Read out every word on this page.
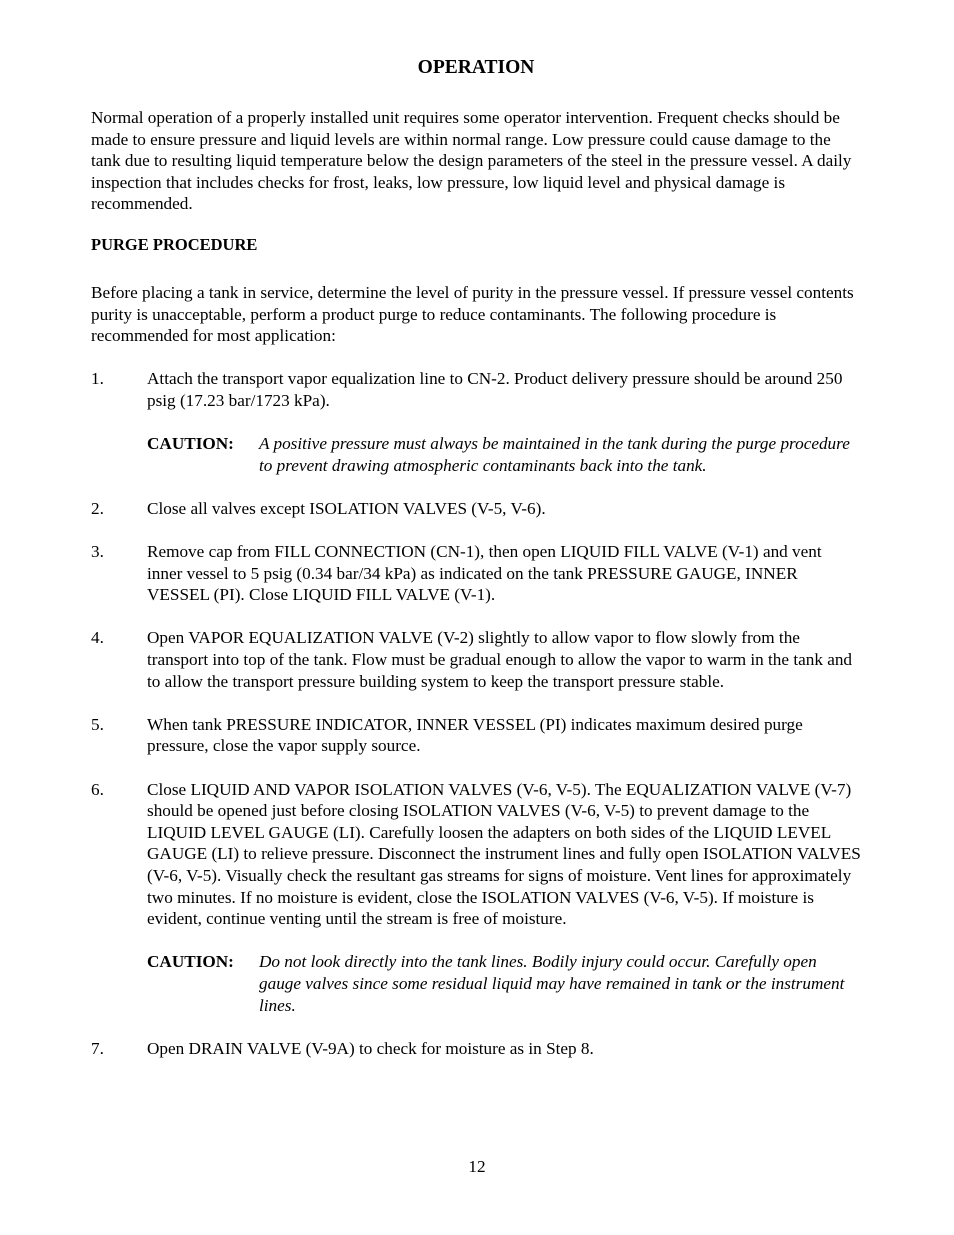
OPERATION

Normal operation of a properly installed unit requires some operator intervention. Frequent checks should be made to ensure pressure and liquid levels are within normal range. Low pressure could cause damage to the tank due to resulting liquid temperature below the design parameters of the steel in the pressure vessel. A daily inspection that includes checks for frost, leaks, low pressure, low liquid level and physical damage is recommended.

PURGE PROCEDURE

Before placing a tank in service, determine the level of purity in the pressure vessel. If pressure vessel contents purity is unacceptable, perform a product purge to reduce contaminants. The following procedure is recommended for most application:

1.	Attach the transport vapor equalization line to CN-2. Product delivery pressure should be around 250 psig (17.23 bar/1723 kPa).
CAUTION:	A positive pressure must always be maintained in the tank during the purge procedure to prevent drawing atmospheric contaminants back into the tank.
2.	Close all valves except ISOLATION VALVES (V-5, V-6).
3.	Remove cap from FILL CONNECTION (CN-1), then open LIQUID FILL VALVE (V-1) and vent inner vessel to 5 psig (0.34 bar/34 kPa) as indicated on the tank PRESSURE GAUGE, INNER VESSEL (PI). Close LIQUID FILL VALVE (V-1).
4.	Open VAPOR EQUALIZATION VALVE (V-2) slightly to allow vapor to flow slowly from the transport into top of the tank. Flow must be gradual enough to allow the vapor to warm in the tank and to allow the transport pressure building system to keep the transport pressure stable.
5.	When tank PRESSURE INDICATOR, INNER VESSEL (PI) indicates maximum desired purge pressure, close the vapor supply source.
6.	Close LIQUID AND VAPOR ISOLATION VALVES (V-6, V-5). The EQUALIZATION VALVE (V-7) should be opened just before closing ISOLATION VALVES (V-6, V-5) to prevent damage to the LIQUID LEVEL GAUGE (LI). Carefully loosen the adapters on both sides of the LIQUID LEVEL GAUGE (LI) to relieve pressure. Disconnect the instrument lines and fully open ISOLATION VALVES (V-6, V-5). Visually check the resultant gas streams for signs of moisture. Vent lines for approximately two minutes. If no moisture is evident, close the ISOLATION VALVES (V-6, V-5). If moisture is evident, continue venting until the stream is free of moisture.
CAUTION:	Do not look directly into the tank lines. Bodily injury could occur. Carefully open gauge valves since some residual liquid may have remained in tank or the instrument lines.
7.	Open DRAIN VALVE (V-9A) to check for moisture as in Step 8.
12
